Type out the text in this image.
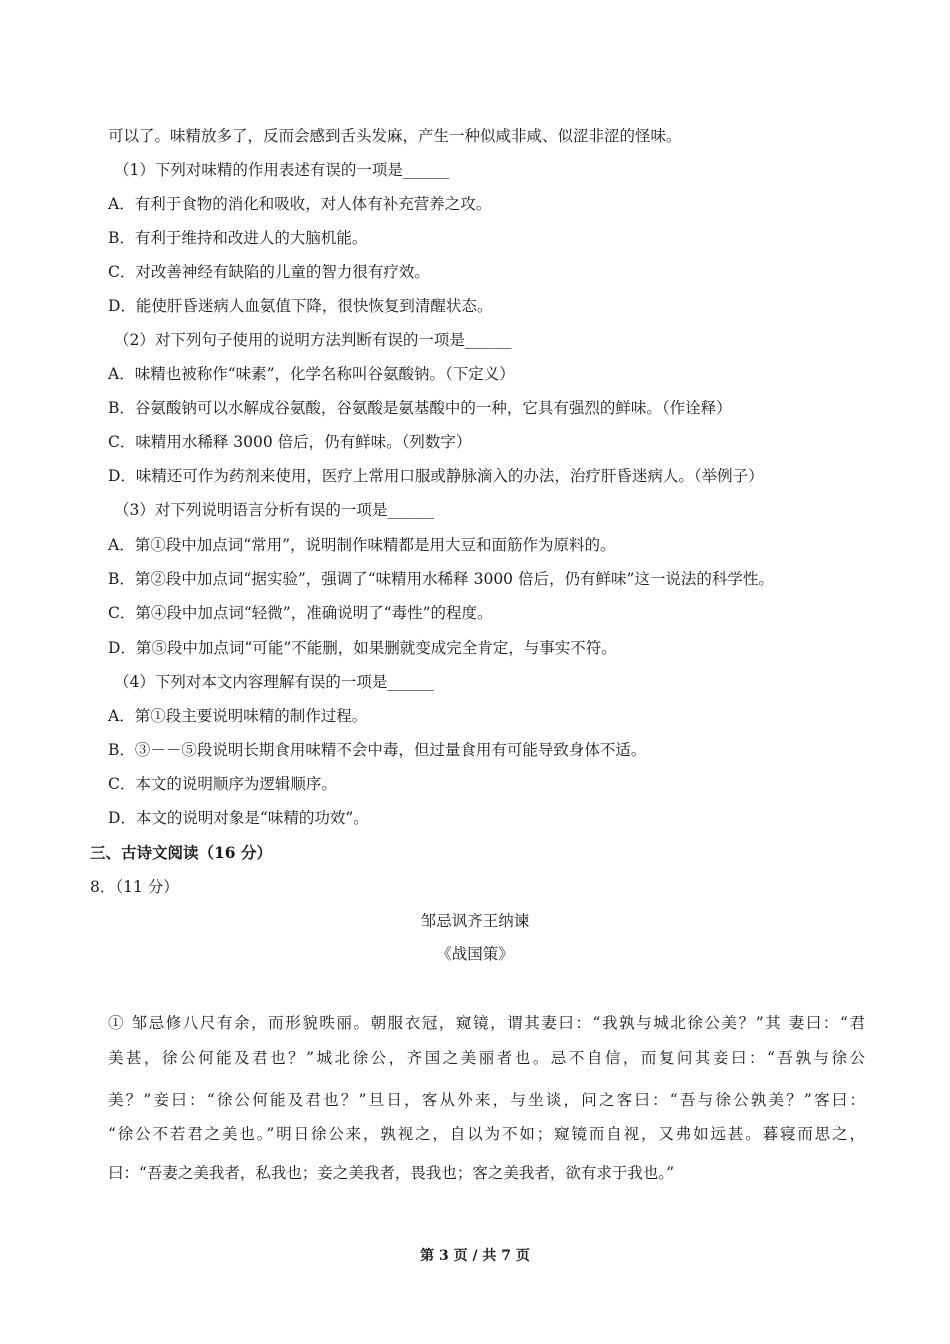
可以了。味精放多了，反而会感到舌头发麻，产生一种似咸非咸、似涩非涩的怪味。
（1）下列对味精的作用表述有误的一项是______
A．有利于食物的消化和吸收，对人体有补充营养之攻。
B．有利于维持和改进人的大脑机能。
C．对改善神经有缺陷的儿童的智力很有疗效。
D．能使肝昏迷病人血氨值下降，很快恢复到清醒状态。
（2）对下列句子使用的说明方法判断有误的一项是______
A．味精也被称作“味素”，化学名称叫谷氨酸钠。（下定义）
B．谷氨酸钠可以水解成谷氨酸，谷氨酸是氨基酸中的一种，它具有强烈的鲜味。（作诠释）
C．味精用水稀释 3000 倍后，仍有鲜味。（列数字）
D．味精还可作为药剂来使用，医疗上常用口服或静脉滴入的办法，治疗肝昏迷病人。（举例子）
（3）对下列说明语言分析有误的一项是______
A．第①段中加点词“常用”，说明制作味精都是用大豆和面筋作为原料的。
B．第②段中加点词“据实验”，强调了“味精用水稀释 3000 倍后，仍有鲜味”这一说法的科学性。
C．第④段中加点词“轻微”，准确说明了“毒性”的程度。
D．第⑤段中加点词“可能”不能删，如果删就变成完全肯定，与事实不符。
（4）下列对本文内容理解有误的一项是______
A．第①段主要说明味精的制作过程。
B．③－－⑤段说明长期食用味精不会中毒，但过量食用有可能导致身体不适。
C．本文的说明顺序为逻辑顺序。
D．本文的说明对象是“味精的功效”。
三、古诗文阅读（16 分）
8．（11 分）
邹忌讽齐王纳谏
《战国策》
① 邹忌修八尺有余，而形貌昳丽。朝服衣冠，窥镜，谓其妻曰：“我孰与城北徐公美？”其 妻曰：“君
美甚，徐公何能及君也？”城北徐公，齐国之美丽者也。忌不自信，而复问其妾曰：“吾孰与徐公
美？”妾曰：“徐公何能及君也？”旦日，客从外来，与坐谈，问之客曰：“吾与徐公孰美？”客曰：
“徐公不若君之美也。”明日徐公来，孰视之，自以为不如；窥镜而自视，又弗如远甚。暮寝而思之，
曰：“吾妻之美我者，私我也；妾之美我者，畏我也；客之美我者，欲有求于我也。”
第 3 页 / 共 7 页
